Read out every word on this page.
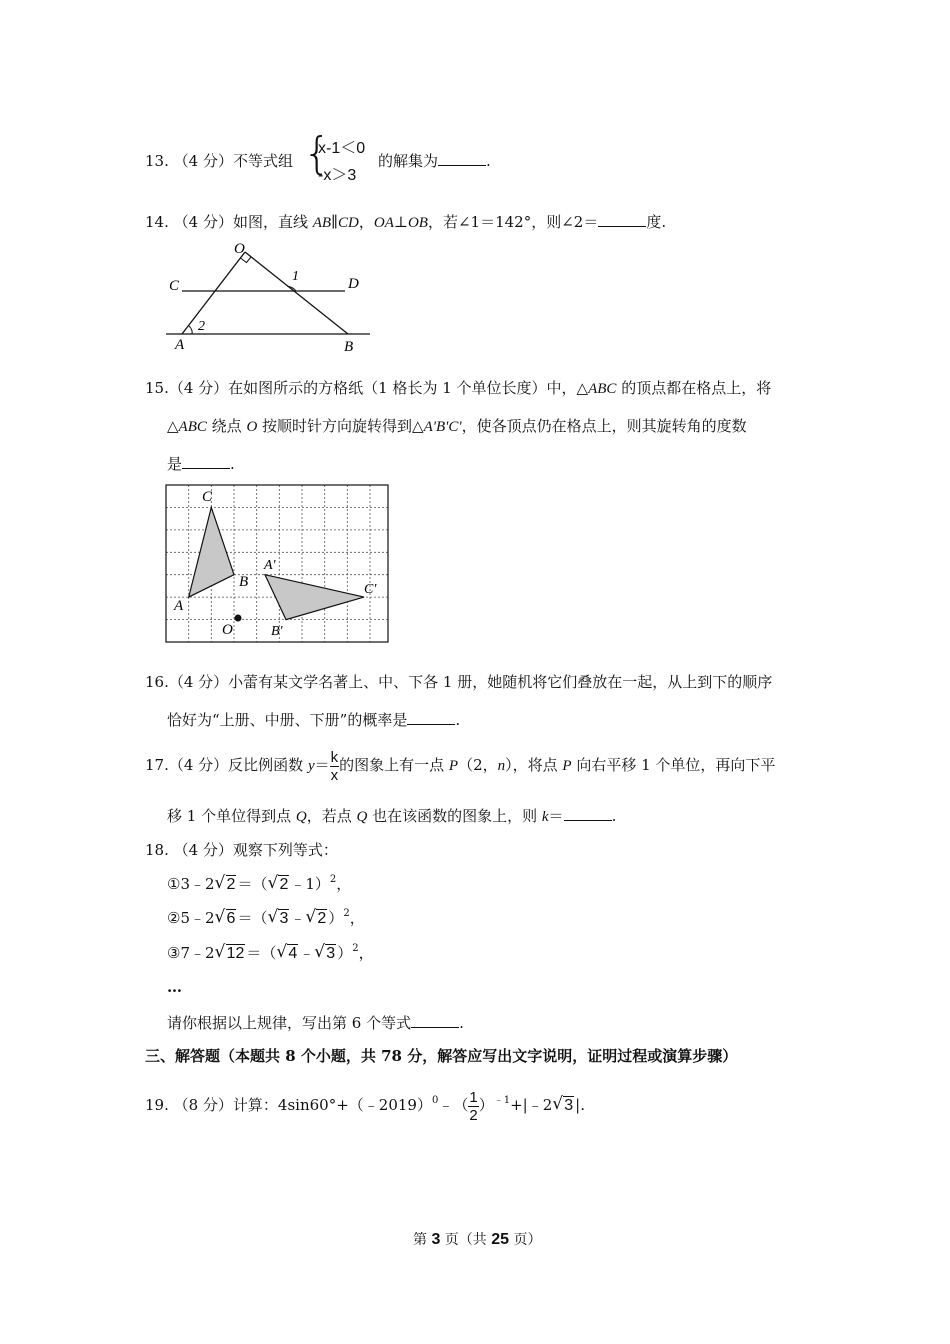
13. （4 分）不等式组 {
x-1＜0
-x＞3
的解集为	.
14. （4 分）如图，直线 AB∥CD，OA⊥OB，若∠1＝142°，则∠2＝	度.
O
C	D
1
2
A	B
15.（4 分）在如图所示的方格纸（1 格长为 1 个单位长度）中，△ABC 的顶点都在格点上，将
△ABC 绕点 O 按顺时针方向旋转得到△A'B'C'，使各顶点仍在格点上，则其旋转角的度数
是	.
C
A
B
O
A'
B'
C'
16.（4 分）小蕾有某文学名著上、中、下各 1 册，她随机将它们叠放在一起，从上到下的顺序
恰好为“上册、中册、下册”的概率是	.
17.（4 分）反比例函数 $y= \frac{k}{x}$ 的图象上有一点 P（2，n），将点 P 向右平移 1 个单位，再向下平
移 1 个单位得到点 Q，若点 Q 也在该函数的图象上，则 k＝	.
18. （4 分）观察下列等式：
①3﹣2 √ 2 ＝（ √ 2 ﹣1）$^2$，
②5﹣2 √ 6 ＝（ √ 3 ﹣ √ 2 ）$^2$，
③7﹣2 √ 12 ＝（ √ 4 ﹣ √ 3 ）$^2$，
…
请你根据以上规律，写出第 6 个等式	.
三、解答题（本题共 8 个小题，共 78 分，解答应写出文字说明，证明过程或演算步骤）
19. （8 分）计算：4sin60°+（﹣2019）$^0$﹣（ $\frac{1}{2}$ ）$^{﹣1}$+|﹣2 √ 3 |.
第 3 页（共 25 页）
